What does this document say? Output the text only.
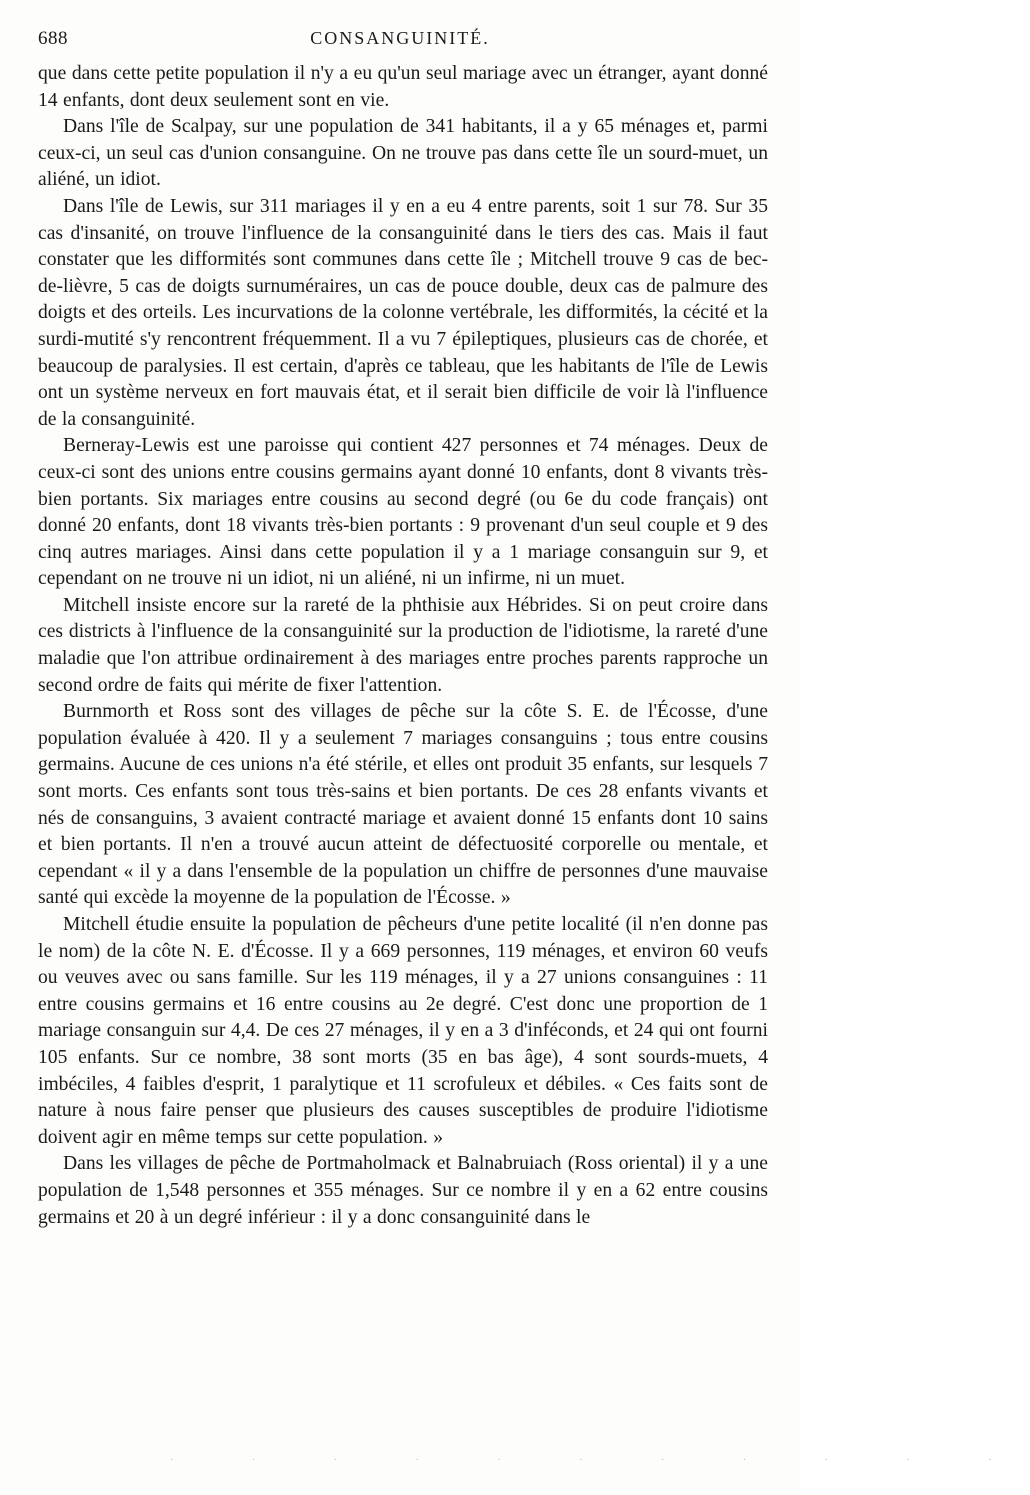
688	CONSANGUINITÉ.

que dans cette petite population il n'y a eu qu'un seul mariage avec un étranger, ayant donné 14 enfants, dont deux seulement sont en vie.

Dans l'île de Scalpay, sur une population de 341 habitants, il a y 65 ménages et, parmi ceux-ci, un seul cas d'union consanguine. On ne trouve pas dans cette île un sourd-muet, un aliéné, un idiot.

Dans l'île de Lewis, sur 311 mariages il y en a eu 4 entre parents, soit 1 sur 78. Sur 35 cas d'insanité, on trouve l'influence de la consanguinité dans le tiers des cas. Mais il faut constater que les difformités sont communes dans cette île ; Mitchell trouve 9 cas de bec-de-lièvre, 5 cas de doigts surnuméraires, un cas de pouce double, deux cas de palmure des doigts et des orteils. Les incurvations de la colonne vertébrale, les difformités, la cécité et la surdi-mutité s'y rencontrent fréquemment. Il a vu 7 épileptiques, plusieurs cas de chorée, et beaucoup de paralysies. Il est certain, d'après ce tableau, que les habitants de l'île de Lewis ont un système nerveux en fort mauvais état, et il serait bien difficile de voir là l'influence de la consanguinité.

Berneray-Lewis est une paroisse qui contient 427 personnes et 74 ménages. Deux de ceux-ci sont des unions entre cousins germains ayant donné 10 enfants, dont 8 vivants très-bien portants. Six mariages entre cousins au second degré (ou 6e du code français) ont donné 20 enfants, dont 18 vivants très-bien portants : 9 provenant d'un seul couple et 9 des cinq autres mariages. Ainsi dans cette population il y a 1 mariage consanguin sur 9, et cependant on ne trouve ni un idiot, ni un aliéné, ni un infirme, ni un muet.

Mitchell insiste encore sur la rareté de la phthisie aux Hébrides. Si on peut croire dans ces districts à l'influence de la consanguinité sur la production de l'idiotisme, la rareté d'une maladie que l'on attribue ordinairement à des mariages entre proches parents rapproche un second ordre de faits qui mérite de fixer l'attention.

Burnmorth et Ross sont des villages de pêche sur la côte S. E. de l'Écosse, d'une population évaluée à 420. Il y a seulement 7 mariages consanguins ; tous entre cousins germains. Aucune de ces unions n'a été stérile, et elles ont produit 35 enfants, sur lesquels 7 sont morts. Ces enfants sont tous très-sains et bien portants. De ces 28 enfants vivants et nés de consanguins, 3 avaient contracté mariage et avaient donné 15 enfants dont 10 sains et bien portants. Il n'en a trouvé aucun atteint de défectuosité corporelle ou mentale, et cependant « il y a dans l'ensemble de la population un chiffre de personnes d'une mauvaise santé qui excède la moyenne de la population de l'Écosse. »

Mitchell étudie ensuite la population de pêcheurs d'une petite localité (il n'en donne pas le nom) de la côte N. E. d'Écosse. Il y a 669 personnes, 119 ménages, et environ 60 veufs ou veuves avec ou sans famille. Sur les 119 ménages, il y a 27 unions consanguines : 11 entre cousins germains et 16 entre cousins au 2e degré. C'est donc une proportion de 1 mariage consanguin sur 4,4. De ces 27 ménages, il y en a 3 d'inféconds, et 24 qui ont fourni 105 enfants. Sur ce nombre, 38 sont morts (35 en bas âge), 4 sont sourds-muets, 4 imbéciles, 4 faibles d'esprit, 1 paralytique et 11 scrofuleux et débiles. « Ces faits sont de nature à nous faire penser que plusieurs des causes susceptibles de produire l'idiotisme doivent agir en même temps sur cette population. »

Dans les villages de pêche de Portmaholmack et Balnabruiach (Ross oriental) il y a une population de 1,548 personnes et 355 ménages. Sur ce nombre il y en a 62 entre cousins germains et 20 à un degré inférieur : il y a donc consanguinité dans le

· · · · · · · · · · ·
